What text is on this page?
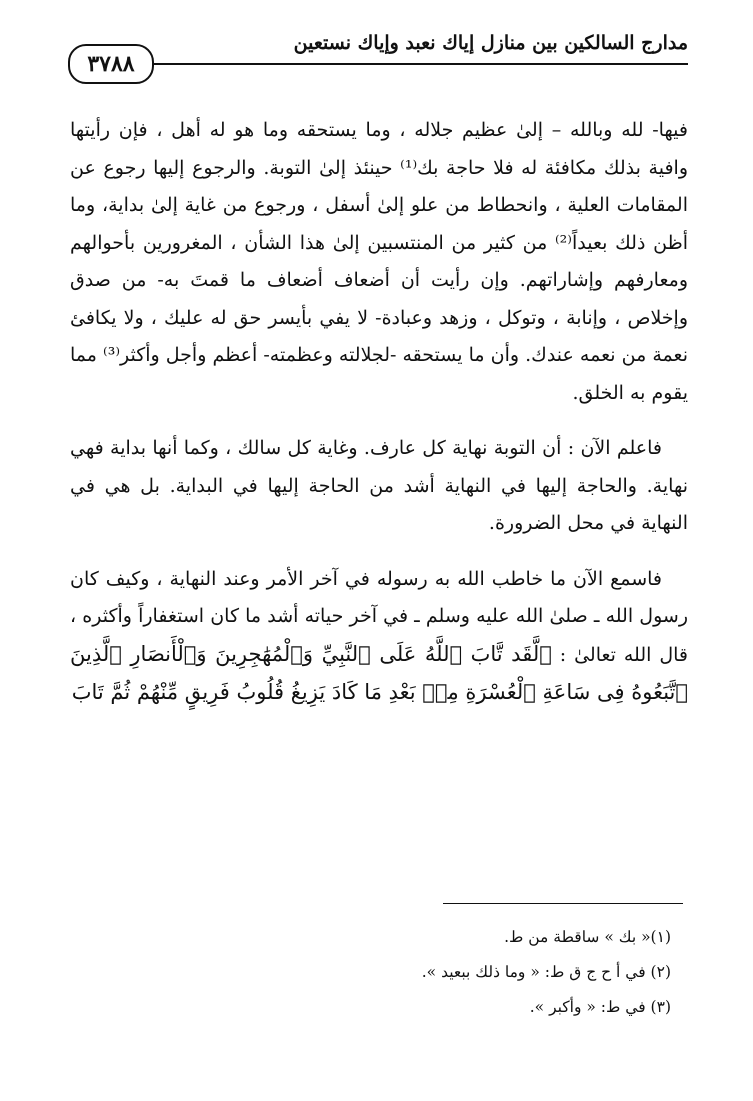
مدارج السالكين بين منازل إياك نعبد وإياك نستعين
٣٧٨٨

فيها- لله وبالله – إلىٰ عظيم جلاله ، وما يستحقه وما هو له أهل ، فإن رأيتها وافية بذلك مكافئة له فلا حاجة بك⁽¹⁾ حينئذ إلىٰ التوبة. والرجوع إليها رجوع عن المقامات العلية ، وانحطاط من علو إلىٰ أسفل ، ورجوع من غاية إلىٰ بداية، وما أظن ذلك بعيداً⁽²⁾ من كثير من المنتسبين إلىٰ هذا الشأن ، المغرورين بأحوالهم ومعارفهم وإشاراتهم. وإن رأيت أن أضعاف أضعاف ما قمتَ به- من صدق وإخلاص ، وإنابة ، وتوكل ، وزهد وعبادة- لا يفي بأيسر حق له عليك ، ولا يكافئ نعمة من نعمه عندك. وأن ما يستحقه -لجلالته وعظمته- أعظم وأجل وأكثر⁽³⁾ مما يقوم به الخلق.

فاعلم الآن : أن التوبة نهاية كل عارف. وغاية كل سالك ، وكما أنها بداية فهي نهاية. والحاجة إليها في النهاية أشد من الحاجة إليها في البداية. بل هي في النهاية في محل الضرورة.

فاسمع الآن ما خاطب الله به رسوله في آخر الأمر وعند النهاية ، وكيف كان رسول الله ـ صلىٰ الله عليه وسلم ـ في آخر حياته أشد ما كان استغفاراً وأكثره ، قال الله تعالىٰ : ﴿لَّقَد تَّابَ ٱللَّهُ عَلَى ٱلنَّبِيِّ وَٱلْمُهَٰجِرِينَ وَٱلْأَنصَارِ ٱلَّذِينَ ٱتَّبَعُوهُ فِى سَاعَةِ ٱلْعُسْرَةِ مِنۢ بَعْدِ مَا كَادَ يَزِيغُ قُلُوبُ فَرِيقٍ مِّنْهُمْ ثُمَّ تَابَ

(١)« بك » ساقطة من ط.
(٢) في أ ح ج ق ط: « وما ذلك ببعيد ».
(٣) في ط: « وأكبر ».
